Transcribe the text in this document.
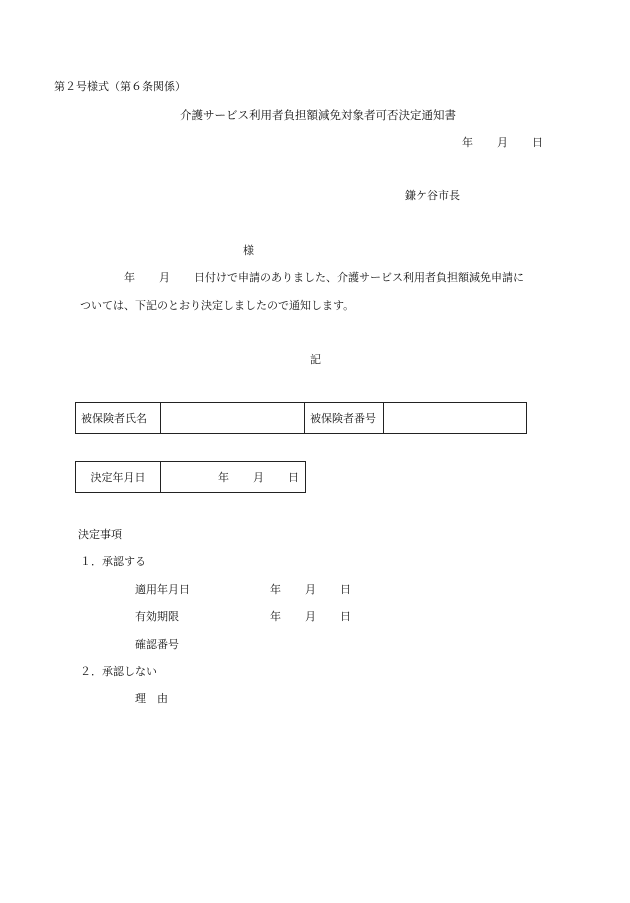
第２号様式（第６条関係）
介護サービス利用者負担額減免対象者可否決定通知書
年 月 日
鎌ケ谷市長
様
年 月 日付けで申請のありました、介護サービス利用者負担額減免申請に
ついては、下記のとおり決定しましたので通知します。
記
被保険者氏名		被保険者番号	
決定年月日	年 月 日
決定事項
１．承認する
適用年月日	年 月 日
有効期限	年 月 日
確認番号
２．承認しない
理　由
